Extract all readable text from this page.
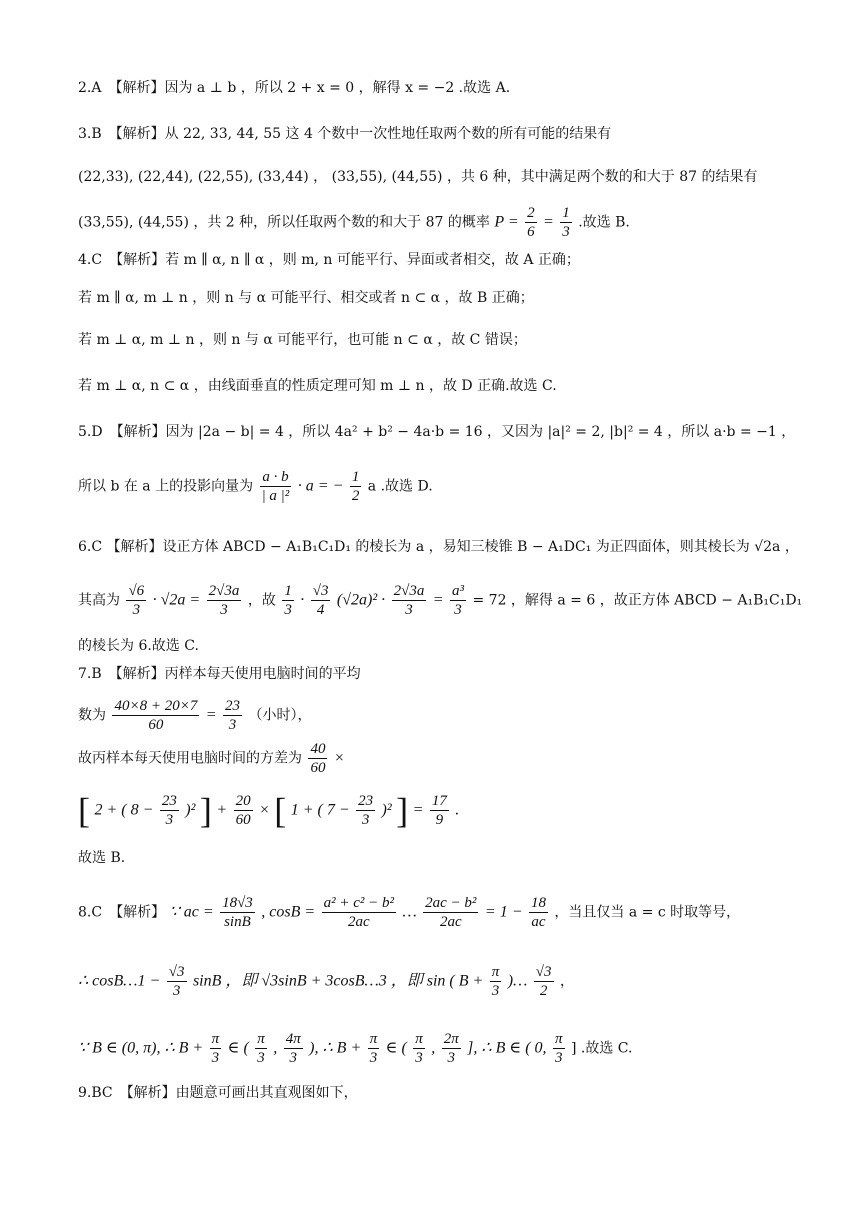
2.A　【解析】因为 a ⊥ b ，所以 2 + x = 0 ，解得 x = −2 .故选 A.
3.B　【解析】从 22, 33, 44, 55 这 4 个数中一次性地任取两个数的所有可能的结果有
(22,33), (22,44), (22,55), (33,44) ， (33,55), (44,55) ，共 6 种，其中满足两个数的和大于 87 的结果有
(33,55), (44,55) ，共 2 种，所以任取两个数的和大于 87 的概率 $P = \frac{2}{6} = \frac{1}{3}$ .故选 B.
4.C　【解析】若 m ∥ α, n ∥ α ，则 m, n 可能平行、异面或者相交，故 A 正确；
若 m ∥ α, m ⊥ n ，则 n 与 α 可能平行、相交或者 n ⊂ α ，故 B 正确；
若 m ⊥ α, m ⊥ n ，则 n 与 α 可能平行，也可能 n ⊂ α ，故 C 错误；
若 m ⊥ α, n ⊂ α ，由线面垂直的性质定理可知 m ⊥ n ，故 D 正确.故选 C.
5.D　【解析】因为 |2a − b| = 4 ，所以 4a² + b² − 4a·b = 16 ，又因为 |a|² = 2, |b|² = 4 ，所以 a·b = −1 ，
所以 b 在 a 上的投影向量为 $\frac{a \cdot b}{\text{| a |²}} \cdot a$ = − $\frac{1}{2}$ a .故选 D.
6.C 【解析】设正方体 ABCD − A₁B₁C₁D₁ 的棱长为 a ，易知三棱锥 B − A₁DC₁ 为正四面体，则其棱长为 √2a ，
其高为 $\frac{√6}{3} \cdot √2a = \frac{2√3a}{3}$ ，故 $\frac{1}{3} \cdot \frac{√3}{4} (√2a)^2 \cdot \frac{2√3a}{3} = \frac{\text{a³}}{3} = 72$ ，解得 a = 6 ，故正方体 ABCD − A₁B₁C₁D₁
的棱长为 6.故选 C.
7.B　【解析】丙样本每天使用电脑时间的平均
数为 $\frac{40\times 8 + 20\times 7}{60} = \frac{23}{3}$ （小时），
故丙样本每天使用电脑时间的方差为 $\frac{40}{60}$ ×
[ 2 + ( $8 - \frac{23}{3} )^2$ ] + $\frac{20}{60}$ × [ 1 + ( $7 - \frac{23}{3} )^2$ ] = $\frac{17}{9}$ .
故选 B.
8.C　【解析】 ∵ ac = $\frac{18√3}{\sin B}$ , $\cos B = \frac{\text{a² + c² − b²}}{2ac}$ … $\frac{\text{2ac − b²}}{2ac} = 1 - \frac{18}{ac}$ ，当且仅当 a = c 时取等号，
∴ cosB…1 − $\frac{√3}{3}$ sinB ，即 √3sinB + 3cosB…3 ，即 sin ( $B + \frac{\pi}{3}$ )… $\frac{√3}{2}$ ，
∵ B ∈ (0, π), ∴ $B + \frac{\pi}{3}$ ∈ ( $\frac{\pi}{3}$ , $\frac{4\pi}{3}$ ), ∴ $B + \frac{\pi}{3}$ ∈ ( $\frac{\pi}{3}$ , $\frac{2\pi}{3}$ ], ∴ B ∈ ( 0, $\frac{\pi}{3}$ ] .故选 C.
9.BC　【解析】由题意可画出其直观图如下，
